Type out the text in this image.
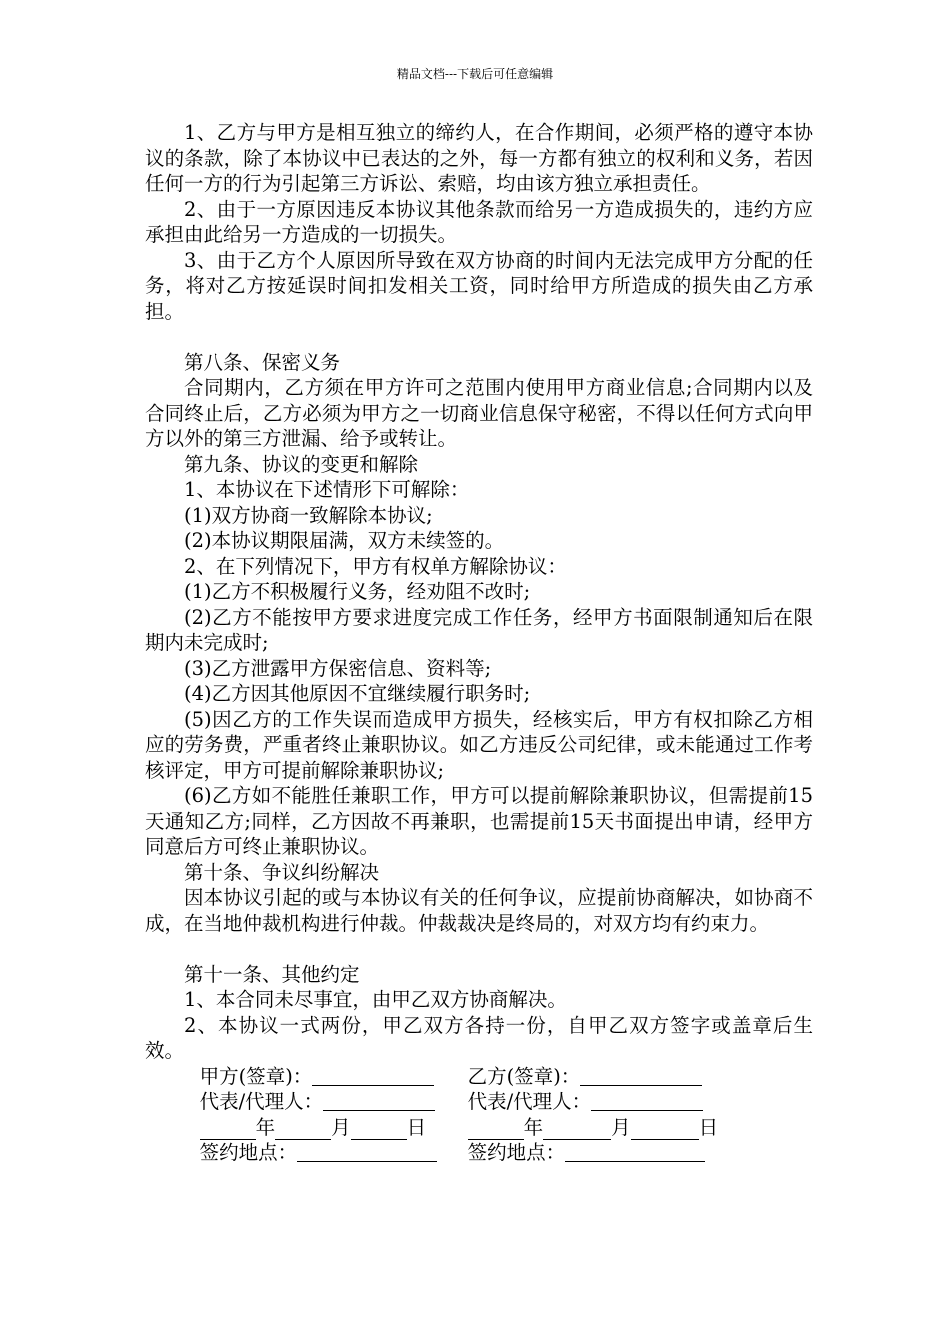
精品文档---下载后可任意编辑

1、乙方与甲方是相互独立的缔约人，在合作期间，必须严格的遵守本协议的条款，除了本协议中已表达的之外，每一方都有独立的权利和义务，若因任何一方的行为引起第三方诉讼、索赔，均由该方独立承担责任。

2、由于一方原因违反本协议其他条款而给另一方造成损失的，违约方应承担由此给另一方造成的一切损失。

3、由于乙方个人原因所导致在双方协商的时间内无法完成甲方分配的任务，将对乙方按延误时间扣发相关工资，同时给甲方所造成的损失由乙方承担。

第八条、保密义务

合同期内，乙方须在甲方许可之范围内使用甲方商业信息;合同期内以及合同终止后，乙方必须为甲方之一切商业信息保守秘密，不得以任何方式向甲方以外的第三方泄漏、给予或转让。

第九条、协议的变更和解除

1、本协议在下述情形下可解除：

(1)双方协商一致解除本协议;

(2)本协议期限届满，双方未续签的。

2、在下列情况下，甲方有权单方解除协议：

(1)乙方不积极履行义务，经劝阻不改时;

(2)乙方不能按甲方要求进度完成工作任务，经甲方书面限制通知后在限期内未完成时;

(3)乙方泄露甲方保密信息、资料等;

(4)乙方因其他原因不宜继续履行职务时;

(5)因乙方的工作失误而造成甲方损失，经核实后，甲方有权扣除乙方相应的劳务费，严重者终止兼职协议。如乙方违反公司纪律，或未能通过工作考核评定，甲方可提前解除兼职协议;

(6)乙方如不能胜任兼职工作，甲方可以提前解除兼职协议，但需提前15天通知乙方;同样，乙方因故不再兼职，也需提前15天书面提出申请，经甲方同意后方可终止兼职协议。

第十条、争议纠纷解决

因本协议引起的或与本协议有关的任何争议，应提前协商解决，如协商不成，在当地仲裁机构进行仲裁。仲裁裁决是终局的，对双方均有约束力。

第十一条、其他约定

1、本合同未尽事宜，由甲乙双方协商解决。

2、本协议一式两份，甲乙双方各持一份，自甲乙双方签字或盖章后生效。

甲方(签章)：	乙方(签章)：
代表/代理人：	代表/代理人：
年	月	日	年	月	日
签约地点：	签约地点：
